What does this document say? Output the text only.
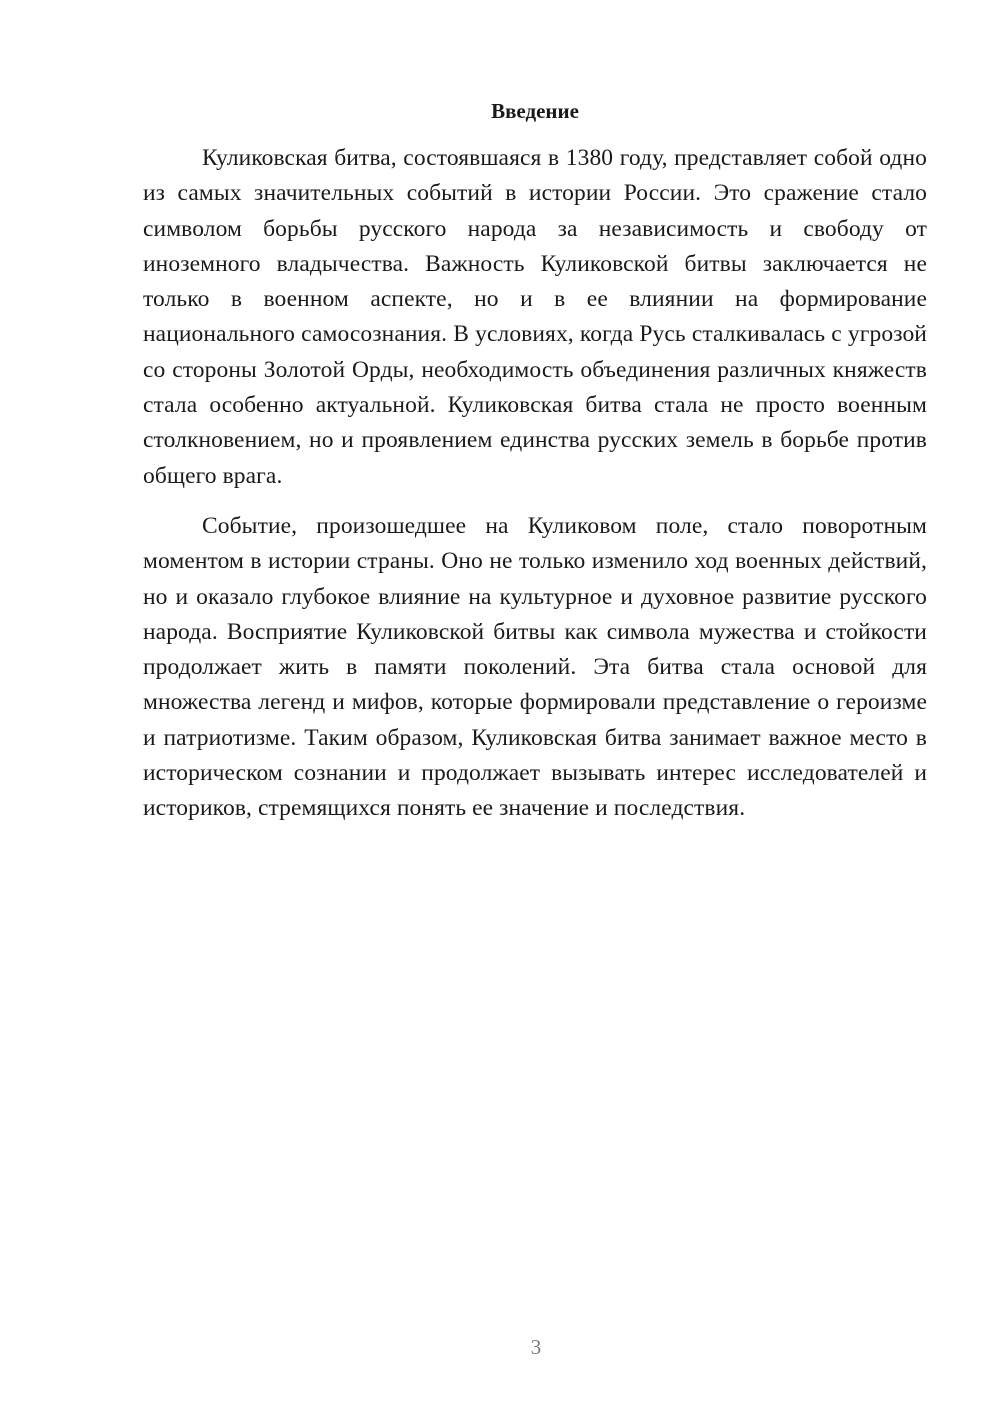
Введение

Куликовская битва, состоявшаяся в 1380 году, представляет собой одно из самых значительных событий в истории России. Это сражение стало символом борьбы русского народа за независимость и свободу от иноземного владычества. Важность Куликовской битвы заключается не только в военном аспекте, но и в ее влиянии на формирование национального самосознания. В условиях, когда Русь сталкивалась с угрозой со стороны Золотой Орды, необходимость объединения различных княжеств стала особенно актуальной. Куликовская битва стала не просто военным столкновением, но и проявлением единства русских земель в борьбе против общего врага.

Событие, произошедшее на Куликовом поле, стало поворотным моментом в истории страны. Оно не только изменило ход военных действий, но и оказало глубокое влияние на культурное и духовное развитие русского народа. Восприятие Куликовской битвы как символа мужества и стойкости продолжает жить в памяти поколений. Эта битва стала основой для множества легенд и мифов, которые формировали представление о героизме и патриотизме. Таким образом, Куликовская битва занимает важное место в историческом сознании и продолжает вызывать интерес исследователей и историков, стремящихся понять ее значение и последствия.

3
